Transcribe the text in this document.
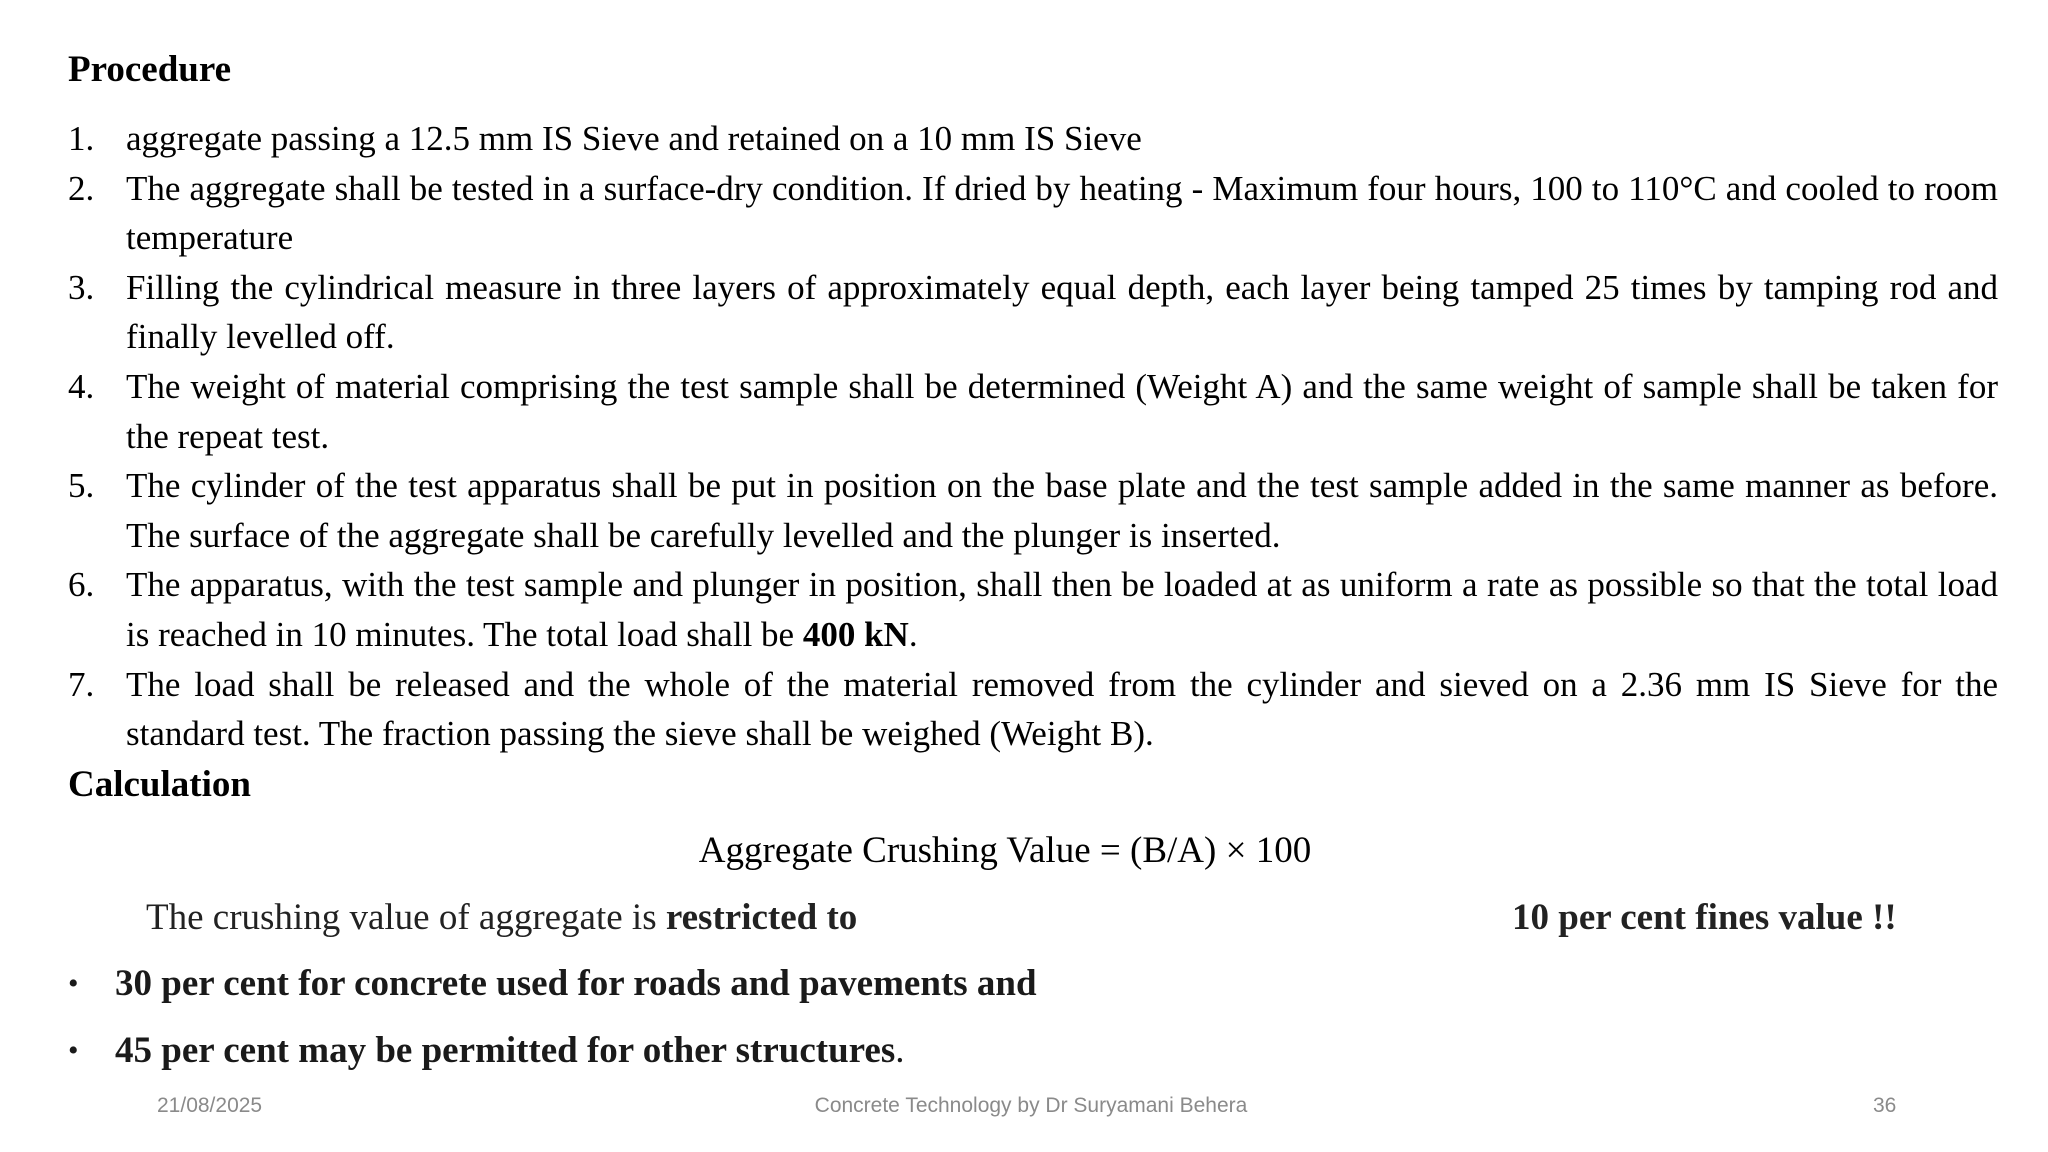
Procedure
1. aggregate passing a 12.5 mm IS Sieve and retained on a 10 mm IS Sieve
2. The aggregate shall be tested in a surface-dry condition. If dried by heating - Maximum four hours, 100 to 110°C and cooled to room temperature
3. Filling the cylindrical measure in three layers of approximately equal depth, each layer being tamped 25 times by tamping rod and finally levelled off.
4. The weight of material comprising the test sample shall be determined (Weight A) and the same weight of sample shall be taken for the repeat test.
5. The cylinder of the test apparatus shall be put in position on the base plate and the test sample added in the same manner as before. The surface of the aggregate shall be carefully levelled and the plunger is inserted.
6. The apparatus, with the test sample and plunger in position, shall then be loaded at as uniform a rate as possible so that the total load is reached in 10 minutes. The total load shall be 400 kN.
7. The load shall be released and the whole of the material removed from the cylinder and sieved on a 2.36 mm IS Sieve for the standard test. The fraction passing the sieve shall be weighed (Weight B).
Calculation
Aggregate Crushing Value = (B/A) × 100
The crushing value of aggregate is restricted to	10 per cent fines value !!
• 30 per cent for concrete used for roads and pavements and
• 45 per cent may be permitted for other structures.
21/08/2025	Concrete Technology by Dr Suryamani Behera	36
